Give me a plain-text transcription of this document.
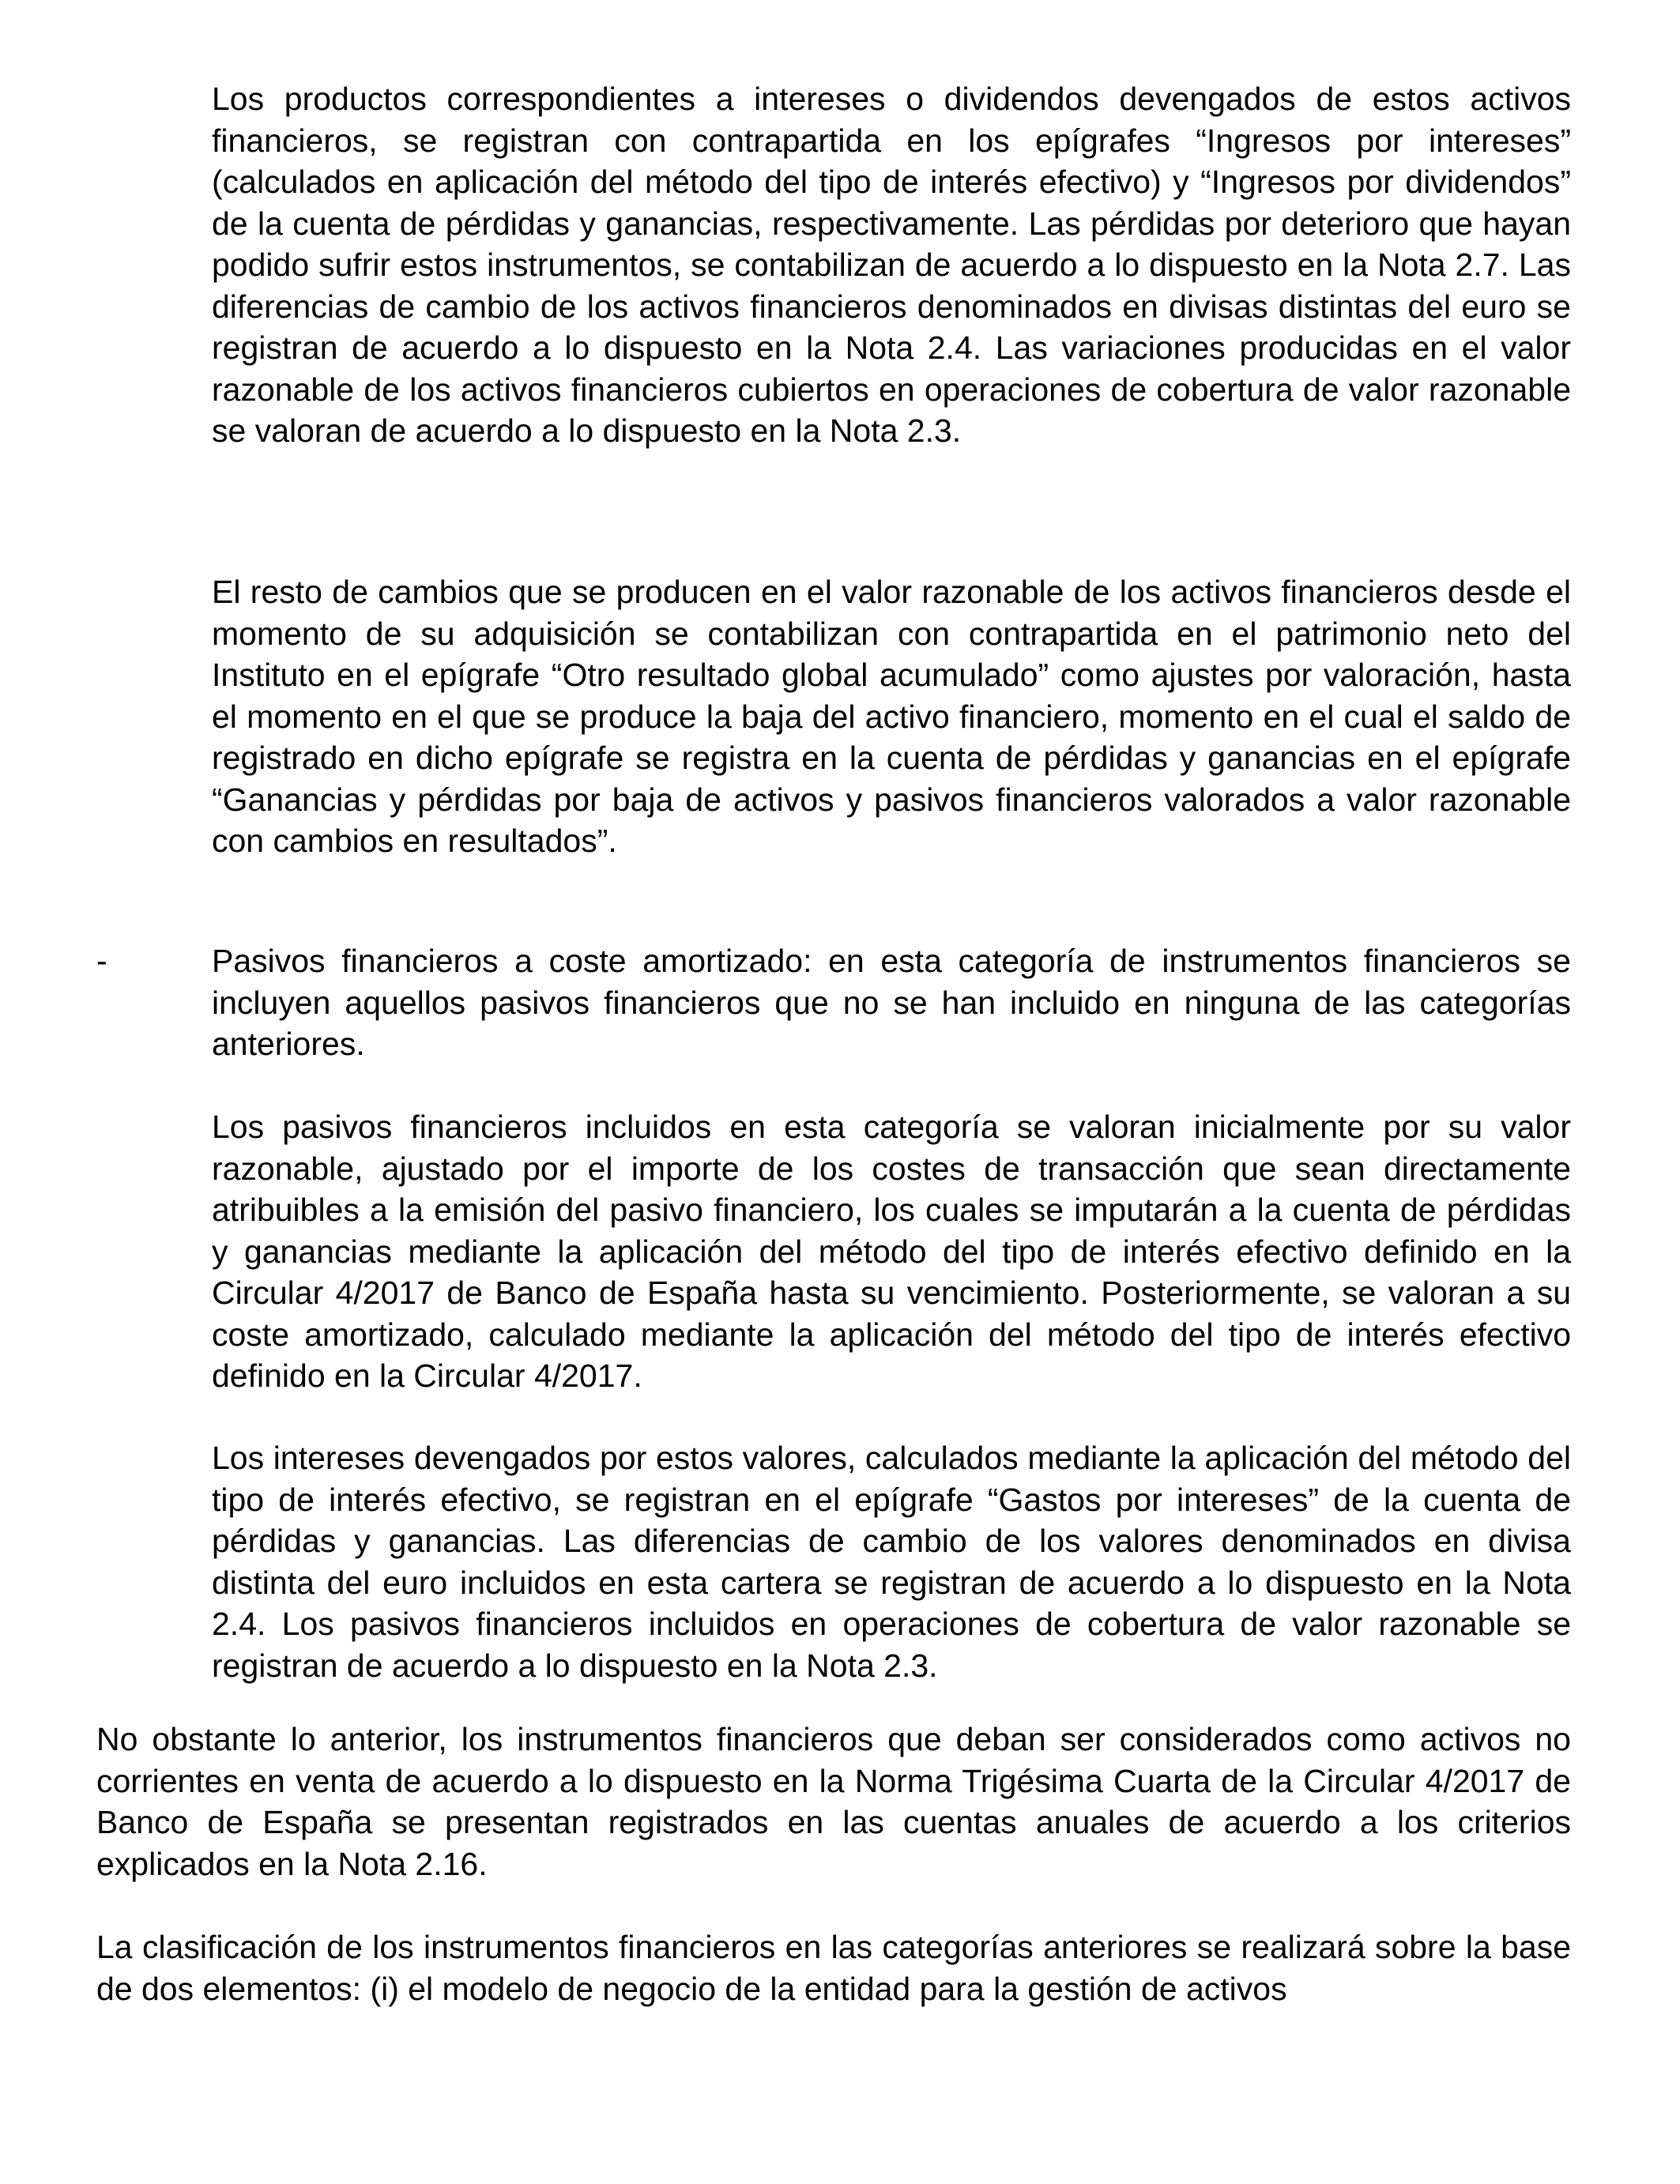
Los productos correspondientes a intereses o dividendos devengados de estos activos financieros, se registran con contrapartida en los epígrafes “Ingresos por intereses” (calculados en aplicación del método del tipo de interés efectivo) y “Ingresos por dividendos” de la cuenta de pérdidas y ganancias, respectivamente. Las pérdidas por deterioro que hayan podido sufrir estos instrumentos, se contabilizan de acuerdo a lo dispuesto en la Nota 2.7. Las diferencias de cambio de los activos financieros denominados en divisas distintas del euro se registran de acuerdo a lo dispuesto en la Nota 2.4. Las variaciones producidas en el valor razonable de los activos financieros cubiertos en operaciones de cobertura de valor razonable se valoran de acuerdo a lo dispuesto en la Nota 2.3.

El resto de cambios que se producen en el valor razonable de los activos financieros desde el momento de su adquisición se contabilizan con contrapartida en el patrimonio neto del Instituto en el epígrafe “Otro resultado global acumulado” como ajustes por valoración, hasta el momento en el que se produce la baja del activo financiero, momento en el cual el saldo de registrado en dicho epígrafe se registra en la cuenta de pérdidas y ganancias en el epígrafe “Ganancias y pérdidas por baja de activos y pasivos financieros valorados a valor razonable con cambios en resultados”.

-	Pasivos financieros a coste amortizado: en esta categoría de instrumentos financieros se incluyen aquellos pasivos financieros que no se han incluido en ninguna de las categorías anteriores.

Los pasivos financieros incluidos en esta categoría se valoran inicialmente por su valor razonable, ajustado por el importe de los costes de transacción que sean directamente atribuibles a la emisión del pasivo financiero, los cuales se imputarán a la cuenta de pérdidas y ganancias mediante la aplicación del método del tipo de interés efectivo definido en la Circular 4/2017 de Banco de España hasta su vencimiento. Posteriormente, se valoran a su coste amortizado, calculado mediante la aplicación del método del tipo de interés efectivo definido en la Circular 4/2017.

Los intereses devengados por estos valores, calculados mediante la aplicación del método del tipo de interés efectivo, se registran en el epígrafe “Gastos por intereses” de la cuenta de pérdidas y ganancias. Las diferencias de cambio de los valores denominados en divisa distinta del euro incluidos en esta cartera se registran de acuerdo a lo dispuesto en la Nota 2.4. Los pasivos financieros incluidos en operaciones de cobertura de valor razonable se registran de acuerdo a lo dispuesto en la Nota 2.3.

No obstante lo anterior, los instrumentos financieros que deban ser considerados como activos no corrientes en venta de acuerdo a lo dispuesto en la Norma Trigésima Cuarta de la Circular 4/2017 de Banco de España se presentan registrados en las cuentas anuales de acuerdo a los criterios explicados en la Nota 2.16.

La clasificación de los instrumentos financieros en las categorías anteriores se realizará sobre la base de dos elementos: (i) el modelo de negocio de la entidad para la gestión de activos
